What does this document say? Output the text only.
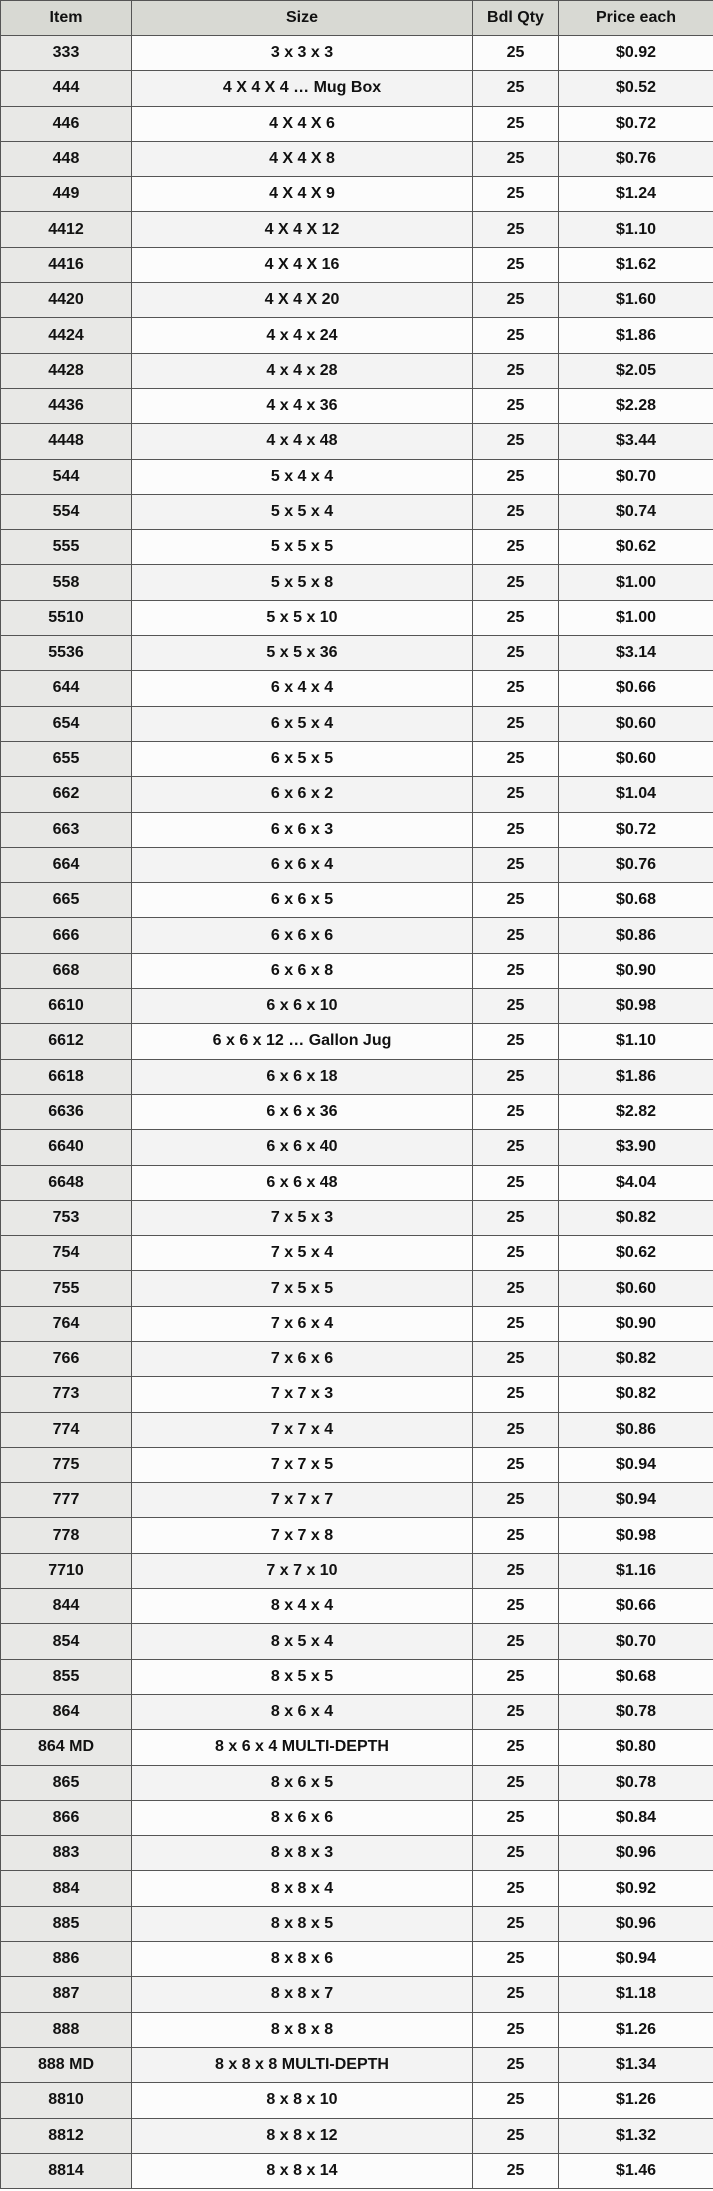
Item	Size	Bdl Qty	Price each
333	3 x 3 x 3	25	$0.92
444	4 X 4 X 4 … Mug Box	25	$0.52
446	4 X 4 X 6	25	$0.72
448	4 X 4 X 8	25	$0.76
449	4 X 4 X 9	25	$1.24
4412	4 X 4 X 12	25	$1.10
4416	4 X 4 X 16	25	$1.62
4420	4 X 4 X 20	25	$1.60
4424	4 x 4 x 24	25	$1.86
4428	4 x 4 x 28	25	$2.05
4436	4 x 4 x 36	25	$2.28
4448	4 x 4 x 48	25	$3.44
544	5 x 4 x 4	25	$0.70
554	5 x 5 x 4	25	$0.74
555	5 x 5 x 5	25	$0.62
558	5 x 5 x 8	25	$1.00
5510	5 x 5 x 10	25	$1.00
5536	5 x 5 x 36	25	$3.14
644	6 x 4 x 4	25	$0.66
654	6 x 5 x 4	25	$0.60
655	6 x 5 x 5	25	$0.60
662	6 x 6 x 2	25	$1.04
663	6 x 6 x 3	25	$0.72
664	6 x 6 x 4	25	$0.76
665	6 x 6 x 5	25	$0.68
666	6 x 6 x 6	25	$0.86
668	6 x 6 x 8	25	$0.90
6610	6 x 6 x 10	25	$0.98
6612	6 x 6 x 12 … Gallon Jug	25	$1.10
6618	6 x 6 x 18	25	$1.86
6636	6 x 6 x 36	25	$2.82
6640	6 x 6 x 40	25	$3.90
6648	6 x 6 x 48	25	$4.04
753	7 x 5 x 3	25	$0.82
754	7 x 5 x 4	25	$0.62
755	7 x 5 x 5	25	$0.60
764	7 x 6 x 4	25	$0.90
766	7 x 6 x 6	25	$0.82
773	7 x 7 x 3	25	$0.82
774	7 x 7 x 4	25	$0.86
775	7 x 7 x 5	25	$0.94
777	7 x 7 x 7	25	$0.94
778	7 x 7 x 8	25	$0.98
7710	7 x 7 x 10	25	$1.16
844	8 x 4 x 4	25	$0.66
854	8 x 5 x 4	25	$0.70
855	8 x 5 x 5	25	$0.68
864	8 x 6 x 4	25	$0.78
864 MD	8 x 6 x 4 MULTI-DEPTH	25	$0.80
865	8 x 6 x 5	25	$0.78
866	8 x 6 x 6	25	$0.84
883	8 x 8 x 3	25	$0.96
884	8 x 8 x 4	25	$0.92
885	8 x 8 x 5	25	$0.96
886	8 x 8 x 6	25	$0.94
887	8 x 8 x 7	25	$1.18
888	8 x 8 x 8	25	$1.26
888 MD	8 x 8 x 8 MULTI-DEPTH	25	$1.34
8810	8 x 8 x 10	25	$1.26
8812	8 x 8 x 12	25	$1.32
8814	8 x 8 x 14	25	$1.46
